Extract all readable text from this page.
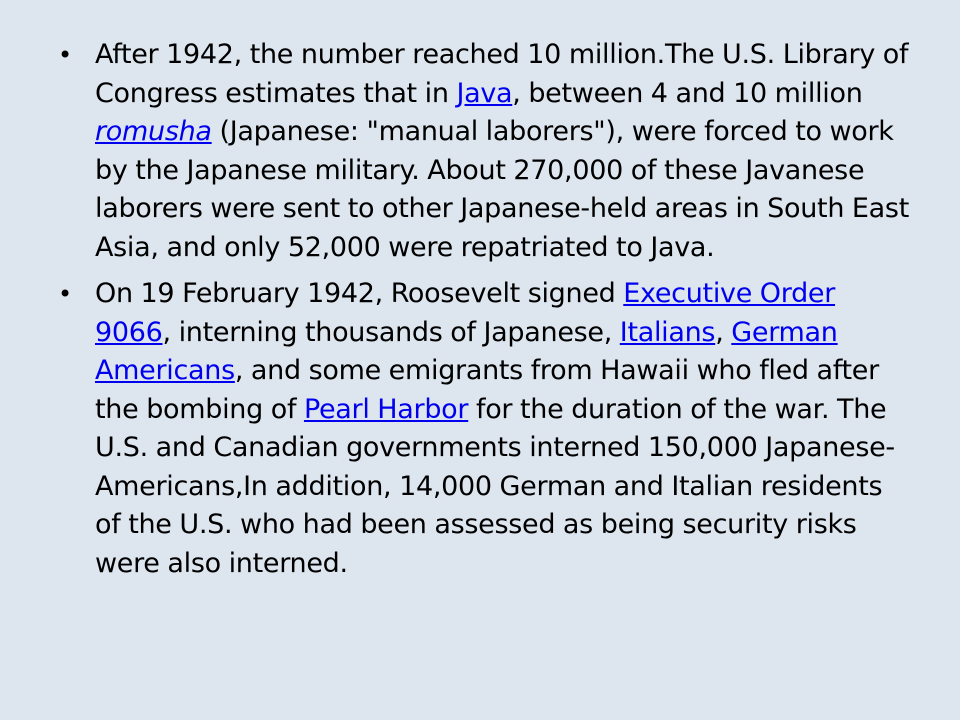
• After 1942, the number reached 10 million.The U.S. Library of Congress estimates that in Java, between 4 and 10 million romusha (Japanese: "manual laborers"), were forced to work by the Japanese military. About 270,000 of these Javanese laborers were sent to other Japanese-held areas in South East Asia, and only 52,000 were repatriated to Java.
• On 19 February 1942, Roosevelt signed Executive Order 9066, interning thousands of Japanese, Italians, German Americans, and some emigrants from Hawaii who fled after the bombing of Pearl Harbor for the duration of the war. The U.S. and Canadian governments interned 150,000 Japanese-Americans,In addition, 14,000 German and Italian residents of the U.S. who had been assessed as being security risks were also interned.
